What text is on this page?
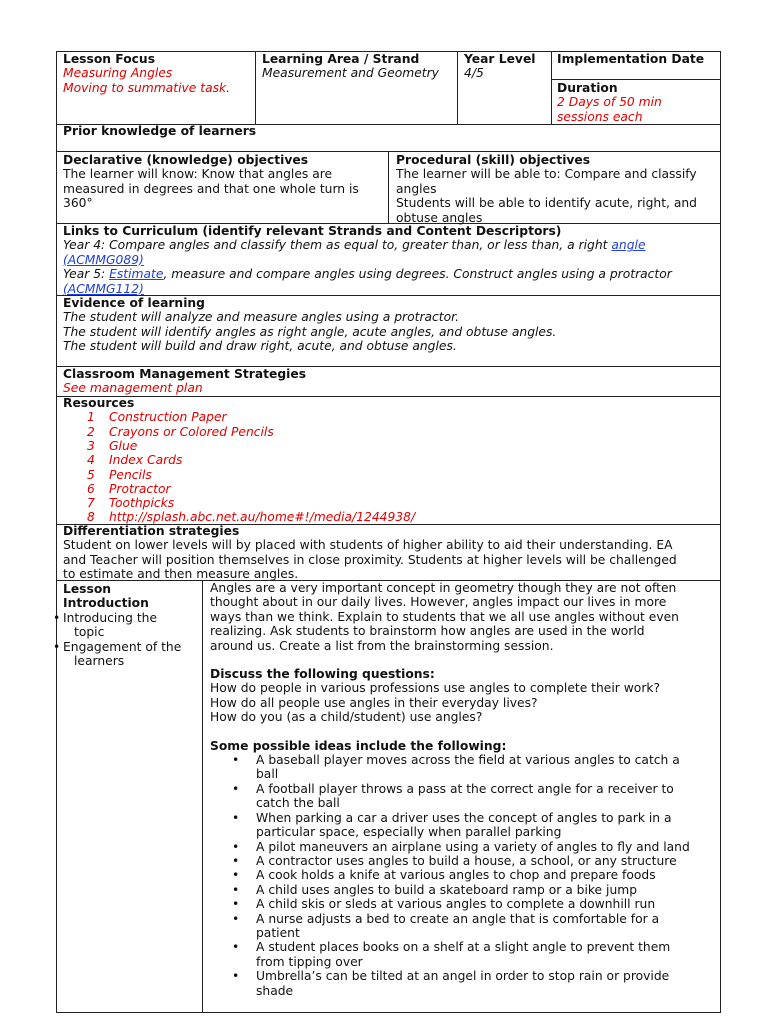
Lesson Focus
Measuring Angles
Moving to summative task.
Learning Area / Strand
Measurement and Geometry
Year Level
4/5
Implementation Date
Duration
2 Days of 50 min
sessions each
Prior knowledge of learners
Declarative (knowledge) objectives
The learner will know: Know that angles are
measured in degrees and that one whole turn is
360°
Procedural (skill) objectives
The learner will be able to: Compare and classify
angles
Students will be able to identify acute, right, and
obtuse angles
Links to Curriculum (identify relevant Strands and Content Descriptors)
Year 4: Compare angles and classify them as equal to, greater than, or less than, a right angle
(ACMMG089)
Year 5: Estimate, measure and compare angles using degrees. Construct angles using a protractor
(ACMMG112)
Evidence of learning
The student will analyze and measure angles using a protractor.
The student will identify angles as right angle, acute angles, and obtuse angles.
The student will build and draw right, acute, and obtuse angles.
Classroom Management Strategies
See management plan
Resources
1 Construction Paper
2 Crayons or Colored Pencils
3 Glue
4 Index Cards
5 Pencils
6 Protractor
7 Toothpicks
8 http://splash.abc.net.au/home#!/media/1244938/
Differentiation strategies
Student on lower levels will by placed with students of higher ability to aid their understanding. EA
and Teacher will position themselves in close proximity. Students at higher levels will be challenged
to estimate and then measure angles.
Lesson
Introduction
• Introducing the
topic
• Engagement of the
learners
Angles are a very important concept in geometry though they are not often
thought about in our daily lives. However, angles impact our lives in more
ways than we think. Explain to students that we all use angles without even
realizing. Ask students to brainstorm how angles are used in the world
around us. Create a list from the brainstorming session.
Discuss the following questions:
How do people in various professions use angles to complete their work?
How do all people use angles in their everyday lives?
How do you (as a child/student) use angles?
Some possible ideas include the following:
• A baseball player moves across the field at various angles to catch a
ball
• A football player throws a pass at the correct angle for a receiver to
catch the ball
• When parking a car a driver uses the concept of angles to park in a
particular space, especially when parallel parking
• A pilot maneuvers an airplane using a variety of angles to fly and land
• A contractor uses angles to build a house, a school, or any structure
• A cook holds a knife at various angles to chop and prepare foods
• A child uses angles to build a skateboard ramp or a bike jump
• A child skis or sleds at various angles to complete a downhill run
• A nurse adjusts a bed to create an angle that is comfortable for a
patient
• A student places books on a shelf at a slight angle to prevent them
from tipping over
• Umbrella’s can be tilted at an angel in order to stop rain or provide
shade
